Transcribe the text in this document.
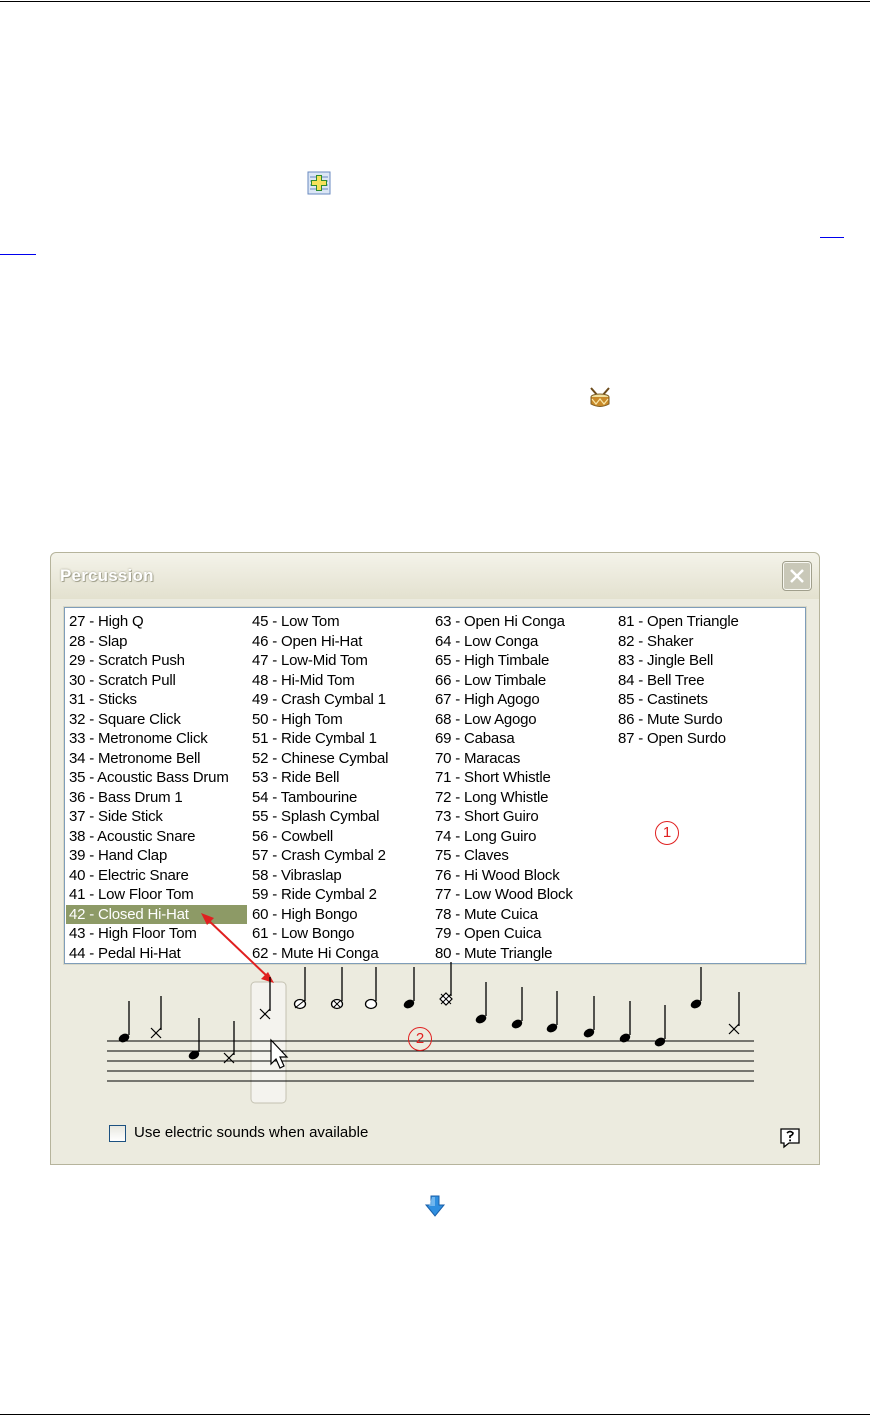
Percussion
27 - High Q
28 - Slap
29 - Scratch Push
30 - Scratch Pull
31 - Sticks
32 - Square Click
33 - Metronome Click
34 - Metronome Bell
35 - Acoustic Bass Drum
36 - Bass Drum 1
37 - Side Stick
38 - Acoustic Snare
39 - Hand Clap
40 - Electric Snare
41 - Low Floor Tom
42 - Closed Hi-Hat
43 - High Floor Tom
44 - Pedal Hi-Hat
45 - Low Tom
46 - Open Hi-Hat
47 - Low-Mid Tom
48 - Hi-Mid Tom
49 - Crash Cymbal 1
50 - High Tom
51 - Ride Cymbal 1
52 - Chinese Cymbal
53 - Ride Bell
54 - Tambourine
55 - Splash Cymbal
56 - Cowbell
57 - Crash Cymbal 2
58 - Vibraslap
59 - Ride Cymbal 2
60 - High Bongo
61 - Low Bongo
62 - Mute Hi Conga
63 - Open Hi Conga
64 - Low Conga
65 - High Timbale
66 - Low Timbale
67 - High Agogo
68 - Low Agogo
69 - Cabasa
70 - Maracas
71 - Short Whistle
72 - Long Whistle
73 - Short Guiro
74 - Long Guiro
75 - Claves
76 - Hi Wood Block
77 - Low Wood Block
78 - Mute Cuica
79 - Open Cuica
80 - Mute Triangle
81 - Open Triangle
82 - Shaker
83 - Jingle Bell
84 - Bell Tree
85 - Castinets
86 - Mute Surdo
87 - Open Surdo
1
2
Use electric sounds when available
